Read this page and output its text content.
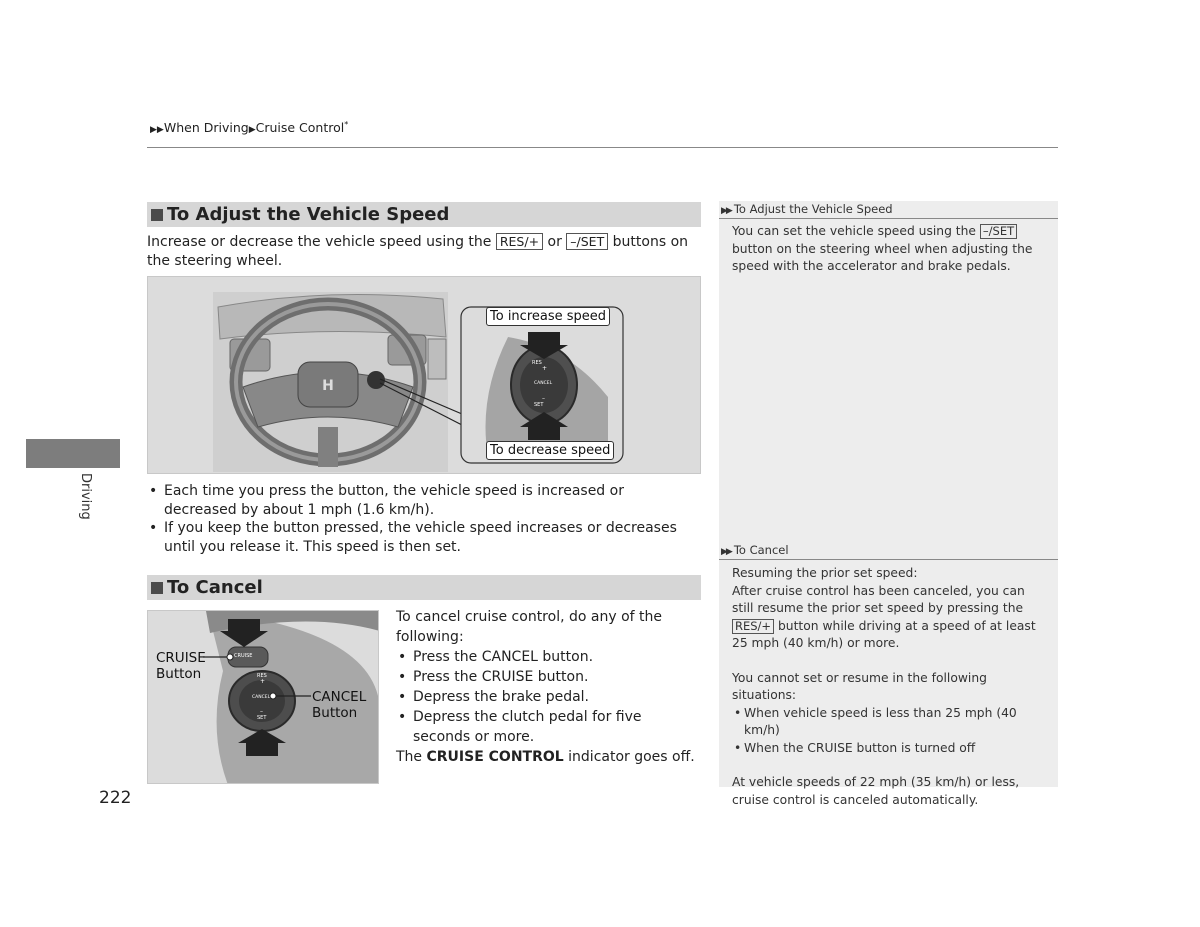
▶▶When Driving▶Cruise Control*
To Adjust the Vehicle Speed
Increase or decrease the vehicle speed using the RES/+ or –/SET buttons on the steering wheel.
H
RES
+
CANCEL
–
SET
To increase speed
To decrease speed
• Each time you press the button, the vehicle speed is increased or decreased by about 1 mph (1.6 km/h).
• If you keep the button pressed, the vehicle speed increases or decreases until you release it. This speed is then set.
To Cancel
CRUISE
RES
+
CANCEL
–
SET
CRUISE
Button
CANCEL
Button
To cancel cruise control, do any of the following:
• Press the CANCEL button.
• Press the CRUISE button.
• Depress the brake pedal.
• Depress the clutch pedal for five seconds or more.
The CRUISE CONTROL indicator goes off.
▶▶ To Adjust the Vehicle Speed
You can set the vehicle speed using the –/SET button on the steering wheel when adjusting the speed with the accelerator and brake pedals.
▶▶ To Cancel
Resuming the prior set speed:
After cruise control has been canceled, you can still resume the prior set speed by pressing the RES/+ button while driving at a speed of at least 25 mph (40 km/h) or more.
You cannot set or resume in the following situations:
• When vehicle speed is less than 25 mph (40 km/h)
• When the CRUISE button is turned off
At vehicle speeds of 22 mph (35 km/h) or less, cruise control is canceled automatically.
Driving
222
